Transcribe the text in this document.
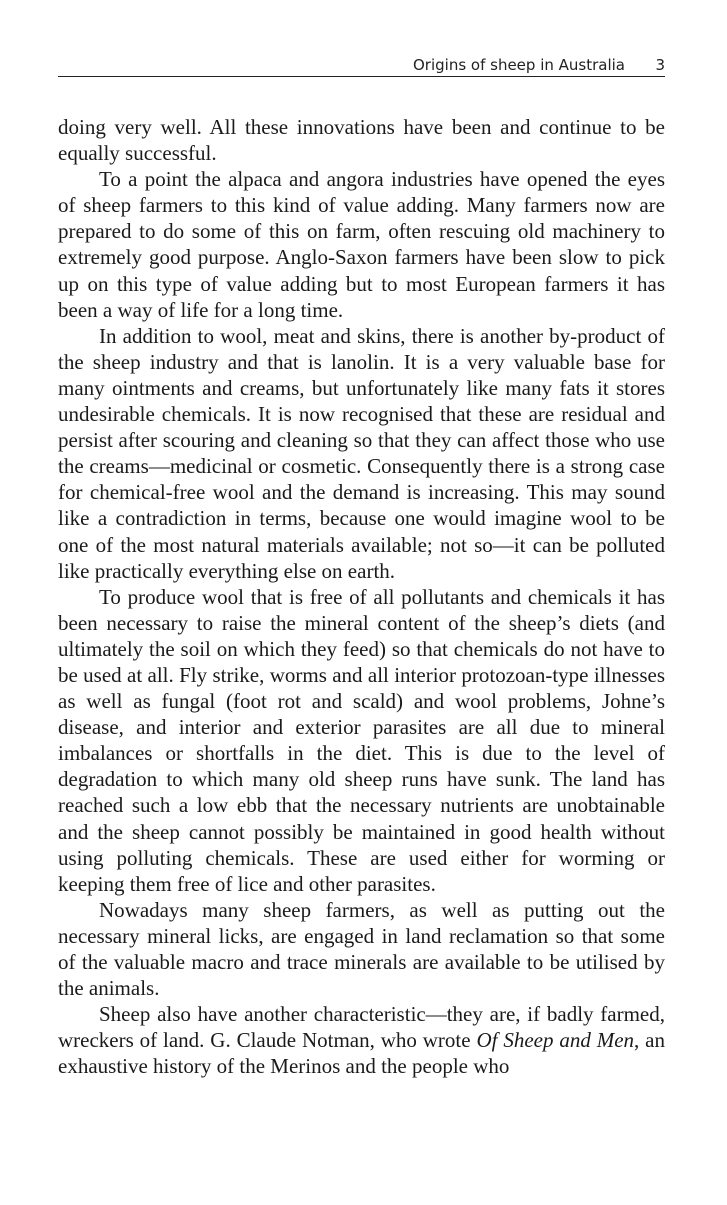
Origins of sheep in Australia 3

doing very well. All these innovations have been and continue to be equally successful.

To a point the alpaca and angora industries have opened the eyes of sheep farmers to this kind of value adding. Many farmers now are prepared to do some of this on farm, often rescuing old machinery to extremely good purpose. Anglo-Saxon farmers have been slow to pick up on this type of value adding but to most European farmers it has been a way of life for a long time.

In addition to wool, meat and skins, there is another by-product of the sheep industry and that is lanolin. It is a very valuable base for many ointments and creams, but unfortunately like many fats it stores undesirable chemicals. It is now recognised that these are residual and persist after scouring and cleaning so that they can affect those who use the creams—medicinal or cosmetic. Consequently there is a strong case for chemical-free wool and the demand is increasing. This may sound like a contradiction in terms, because one would imagine wool to be one of the most natural materials available; not so—it can be polluted like practically everything else on earth.

To produce wool that is free of all pollutants and chemicals it has been necessary to raise the mineral content of the sheep’s diets (and ultimately the soil on which they feed) so that chemicals do not have to be used at all. Fly strike, worms and all interior protozoan-type illnesses as well as fungal (foot rot and scald) and wool problems, Johne’s disease, and interior and exterior parasites are all due to mineral imbalances or shortfalls in the diet. This is due to the level of degradation to which many old sheep runs have sunk. The land has reached such a low ebb that the necessary nutrients are unobtainable and the sheep cannot possibly be maintained in good health without using polluting chemicals. These are used either for worming or keeping them free of lice and other parasites.

Nowadays many sheep farmers, as well as putting out the necessary mineral licks, are engaged in land reclamation so that some of the valuable macro and trace minerals are available to be utilised by the animals.

Sheep also have another characteristic—they are, if badly farmed, wreckers of land. G. Claude Notman, who wrote Of Sheep and Men, an exhaustive history of the Merinos and the people who
